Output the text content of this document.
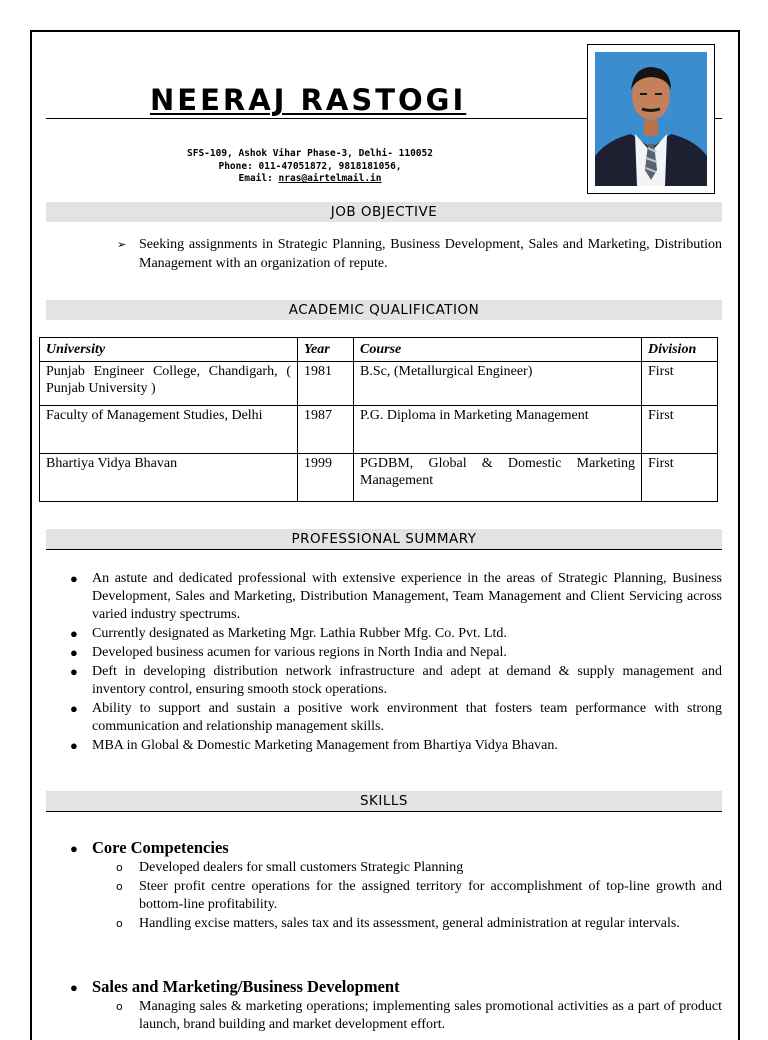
NEERAJ RASTOGI
SFS-109, Ashok Vihar Phase-3, Delhi- 110052
Phone: 011-47051872, 9818181056,
Email: nras@airtelmail.in
JOB OBJECTIVE
➢ Seeking assignments in Strategic Planning, Business Development, Sales and Marketing, Distribution Management with an organization of repute.
ACADEMIC QUALIFICATION
University	Year	Course	Division
Punjab Engineer College, Chandigarh, ( Punjab University )	1981	B.Sc, (Metallurgical Engineer)	First
Faculty of Management Studies, Delhi	1987	P.G. Diploma in Marketing Management	First
Bhartiya Vidya Bhavan	1999	PGDBM, Global & Domestic Marketing Management	First
PROFESSIONAL SUMMARY
● An astute and dedicated professional with extensive experience in the areas of Strategic Planning, Business Development, Sales and Marketing, Distribution Management, Team Management and Client Servicing across varied industry spectrums.
● Currently designated as Marketing Mgr. Lathia Rubber Mfg. Co. Pvt. Ltd.
● Developed business acumen for various regions in North India and Nepal.
● Deft in developing distribution network infrastructure and adept at demand & supply management and inventory control, ensuring smooth stock operations.
● Ability to support and sustain a positive work environment that fosters team performance with strong communication and relationship management skills.
● MBA in Global & Domestic Marketing Management from Bhartiya Vidya Bhavan.
SKILLS
● Core Competencies
o Developed dealers for small customers Strategic Planning
o Steer profit centre operations for the assigned territory for accomplishment of top-line growth and bottom-line profitability.
o Handling excise matters, sales tax and its assessment, general administration at regular intervals.
● Sales and Marketing/Business Development
o Managing sales & marketing operations; implementing sales promotional activities as a part of product launch, brand building and market development effort.
